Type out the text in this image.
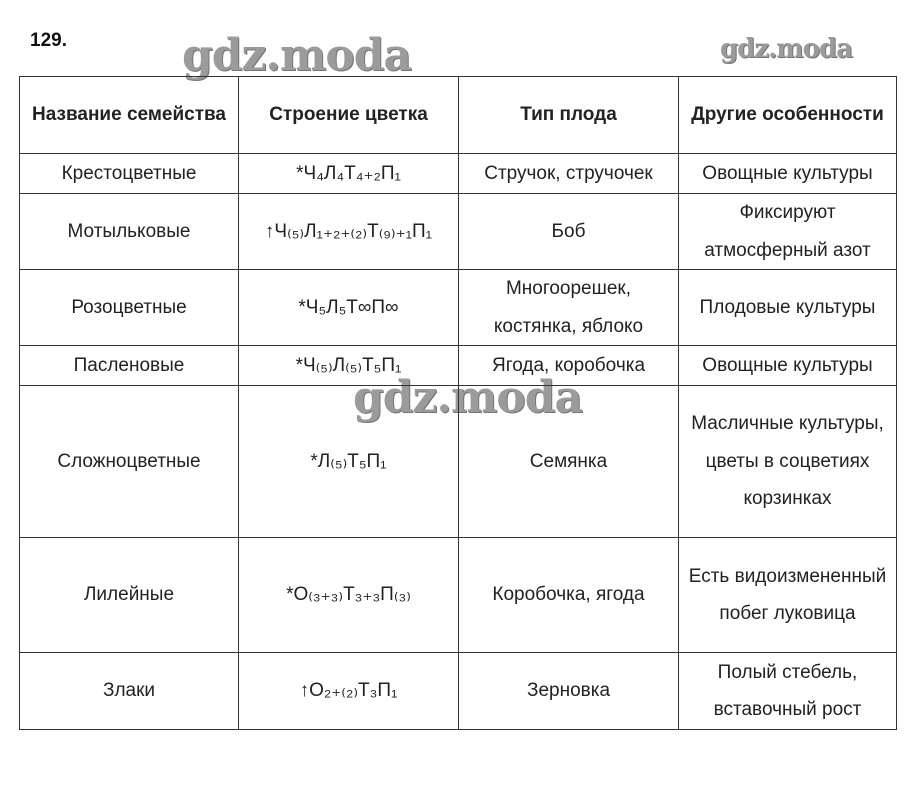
129.	gdz.moda	gdz.moda
gdz.moda
Название семейства	Строение цветка	Тип плода	Другие особенности
Крестоцветные	*Ч₄Л₄Т₄₊₂П₁	Стручок, стручочек	Овощные культуры
Мотыльковые	↑Ч₍₅₎Л₁₊₂₊₍₂₎Т₍₉₎₊₁П₁	Боб	Фиксируют атмосферный азот
Розоцветные	*Ч₅Л₅Т∞П∞	Многоорешек, костянка, яблоко	Плодовые культуры
Пасленовые	*Ч₍₅₎Л₍₅₎Т₅П₁	Ягода, коробочка	Овощные культуры
Сложноцветные	*Л₍₅₎Т₅П₁	Семянка	Масличные культуры, цветы в соцветиях корзинках
Лилейные	*О₍₃₊₃₎Т₃₊₃П₍₃₎	Коробочка, ягода	Есть видоизмененный побег луковица
Злаки	↑О₂₊₍₂₎Т₃П₁	Зерновка	Полый стебель, вставочный рост
